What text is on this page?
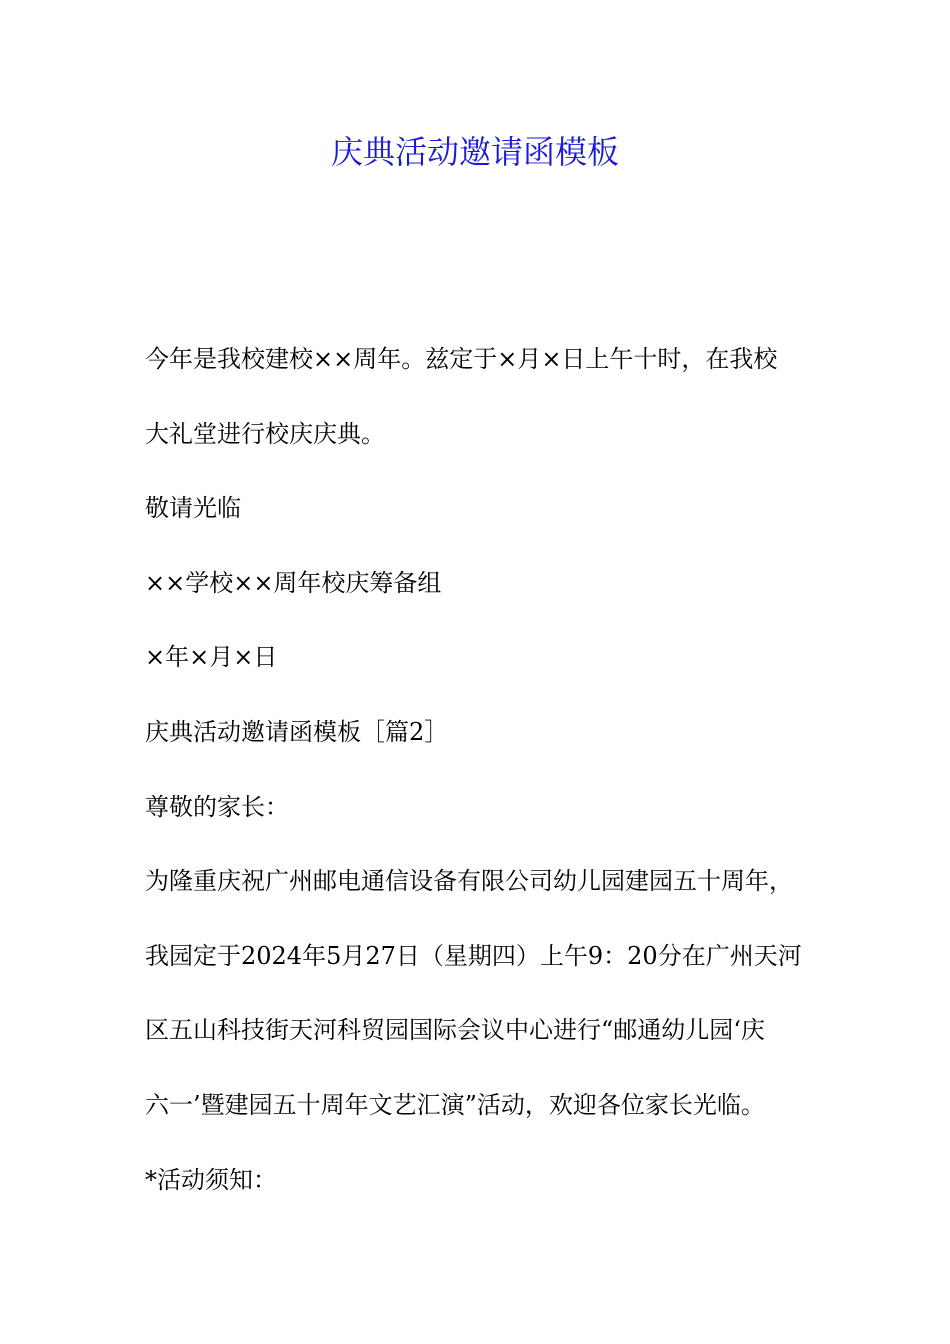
庆典活动邀请函模板

今年是我校建校××周年。兹定于×月×日上午十时，在我校

大礼堂进行校庆庆典。

敬请光临

××学校××周年校庆筹备组

×年×月×日

庆典活动邀请函模板［篇2］

尊敬的家长：

为隆重庆祝广州邮电通信设备有限公司幼儿园建园五十周年，

我园定于2024年5月27日（星期四）上午9：20分在广州天河

区五山科技街天河科贸园国际会议中心进行“邮通幼儿园‘庆

六一’暨建园五十周年文艺汇演”活动，欢迎各位家长光临。

*活动须知：
